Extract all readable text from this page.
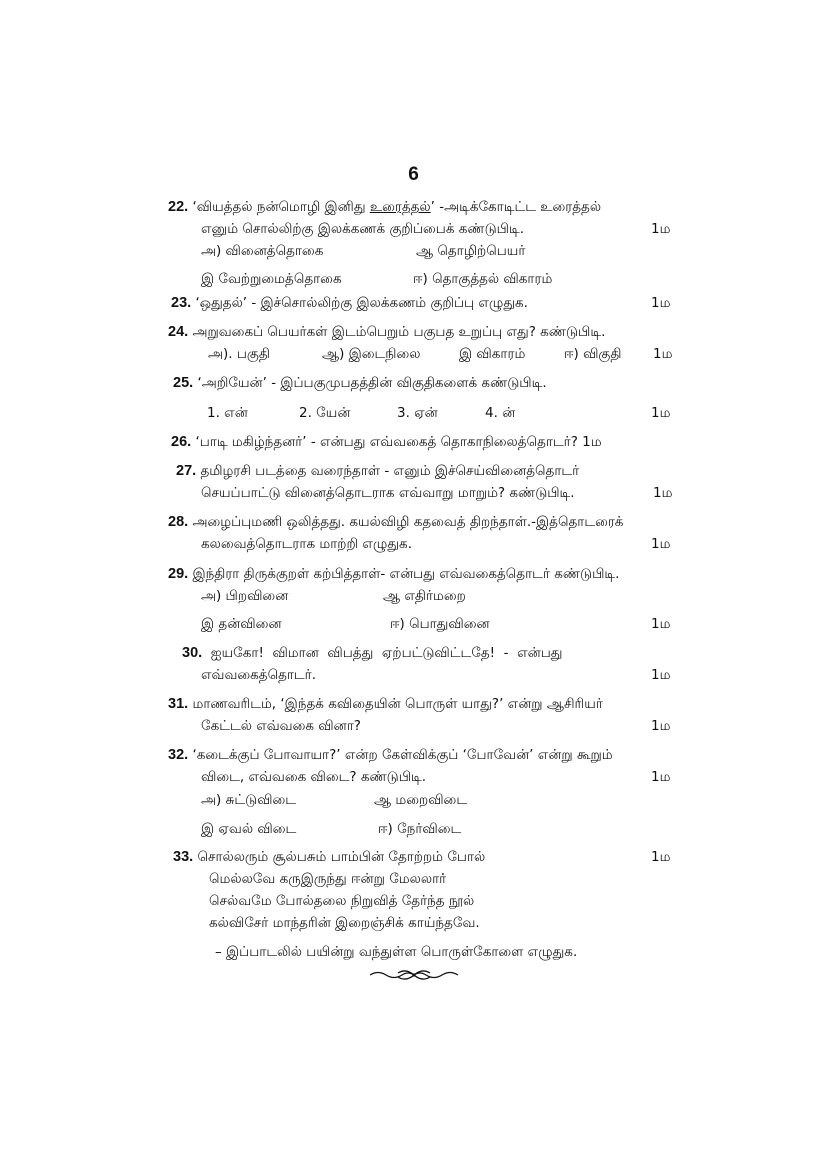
6
22. ‘வியத்தல் நன்மொழி இனிது உரைத்தல்’ -அடிக்கோடிட்ட உரைத்தல்
எனும் சொல்லிற்கு இலக்கணக் குறிப்பைக் கண்டுபிடி.	1ம
அ) வினைத்தொகை	ஆ தொழிற்பெயர்
இ வேற்றுமைத்தொகை	ஈ) தொகுத்தல் விகாரம்
23. ‘ஒதுதல்’ - இச்சொல்லிற்கு இலக்கணம் குறிப்பு எழுதுக.	1ம
24. அறுவகைப் பெயர்கள் இடம்பெறும் பகுபத உறுப்பு எது? கண்டுபிடி.
அ). பகுதி	ஆ) இடைநிலை	இ விகாரம்	ஈ) விகுதி 1ம
25. ‘அறியேன்’ - இப்பகுமுபதத்தின் விகுதிகளைக் கண்டுபிடி.
1. என்	2. யேன்	3. ஏன்	4. ன்	1ம
26. ‘பாடி மகிழ்ந்தனர்’ - என்பது எவ்வகைத் தொகாநிலைத்தொடர்? 1ம
27. தமிழரசி படத்தை வரைந்தாள் - எனும் இச்செய்வினைத்தொடர்
செயப்பாட்டு வினைத்தொடராக எவ்வாறு மாறும்? கண்டுபிடி.	1ம
28. அழைப்புமணி ஒலித்தது. கயல்விழி கதவைத் திறந்தாள்.-இத்தொடரைக்
கலவைத்தொடராக மாற்றி எழுதுக.	1ம
29. இந்திரா திருக்குறள் கற்பித்தாள்- என்பது எவ்வகைத்தொடர் கண்டுபிடி.
அ) பிறவினை	ஆ எதிர்மறை
இ தன்வினை	ஈ) பொதுவினை	1ம
30. ஐயகோ!  விமான  விபத்து  ஏற்பட்டுவிட்டதே!  -  என்பது
எவ்வகைத்தொடர்.	1ம
31. மாணவரிடம், ‘இந்தக் கவிதையின் பொருள் யாது?’ என்று ஆசிரியர்
கேட்டல் எவ்வகை வினா?	1ம
32. ‘கடைக்குப் போவாயா?’ என்ற கேள்விக்குப் ‘போவேன்’ என்று கூறும்
விடை, எவ்வகை விடை? கண்டுபிடி.	1ம
அ) சுட்டுவிடை	ஆ மறைவிடை
இ ஏவல் விடை	ஈ) நேர்விடை
33. சொல்லரும் சூல்பசும் பாம்பின் தோற்றம் போல்	1ம
மெல்லவே கருஇருந்து ஈன்று மேலலாா்
செல்வமே போல்தலை நிறுவித் தேர்ந்த நூல்
கல்விசேர் மாந்தரின் இறைஞ்சிக் காய்ந்தவே.
– இப்பாடலில் பயின்று வந்துள்ள பொருள்கோளை எழுதுக.
